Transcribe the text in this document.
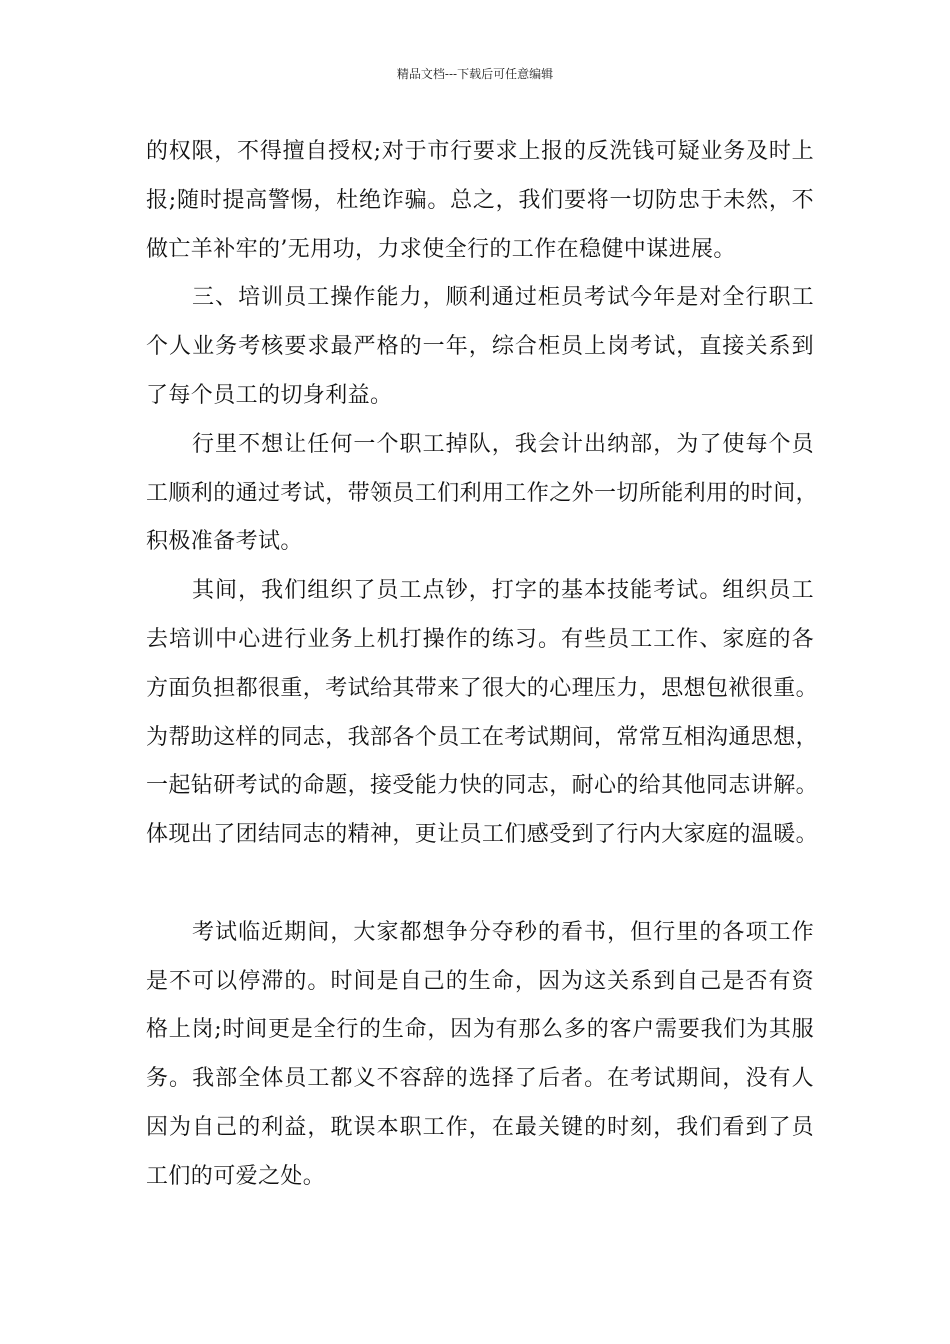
精品文档---下载后可任意编辑
的权限，不得擅自授权;对于市行要求上报的反洗钱可疑业务及时上
报;随时提高警惕，杜绝诈骗。总之，我们要将一切防忠于未然，不
做亡羊补牢的’无用功，力求使全行的工作在稳健中谋进展。
三、培训员工操作能力，顺利通过柜员考试今年是对全行职工
个人业务考核要求最严格的一年，综合柜员上岗考试，直接关系到
了每个员工的切身利益。
行里不想让任何一个职工掉队，我会计出纳部，为了使每个员
工顺利的通过考试，带领员工们利用工作之外一切所能利用的时间，
积极准备考试。
其间，我们组织了员工点钞，打字的基本技能考试。组织员工
去培训中心进行业务上机打操作的练习。有些员工工作、家庭的各
方面负担都很重，考试给其带来了很大的心理压力，思想包袱很重。
为帮助这样的同志，我部各个员工在考试期间，常常互相沟通思想，
一起钻研考试的命题，接受能力快的同志，耐心的给其他同志讲解。
体现出了团结同志的精神，更让员工们感受到了行内大家庭的温暖。
考试临近期间，大家都想争分夺秒的看书，但行里的各项工作
是不可以停滞的。时间是自己的生命，因为这关系到自己是否有资
格上岗;时间更是全行的生命，因为有那么多的客户需要我们为其服
务。我部全体员工都义不容辞的选择了后者。在考试期间，没有人
因为自己的利益，耽误本职工作，在最关键的时刻，我们看到了员
工们的可爱之处。
